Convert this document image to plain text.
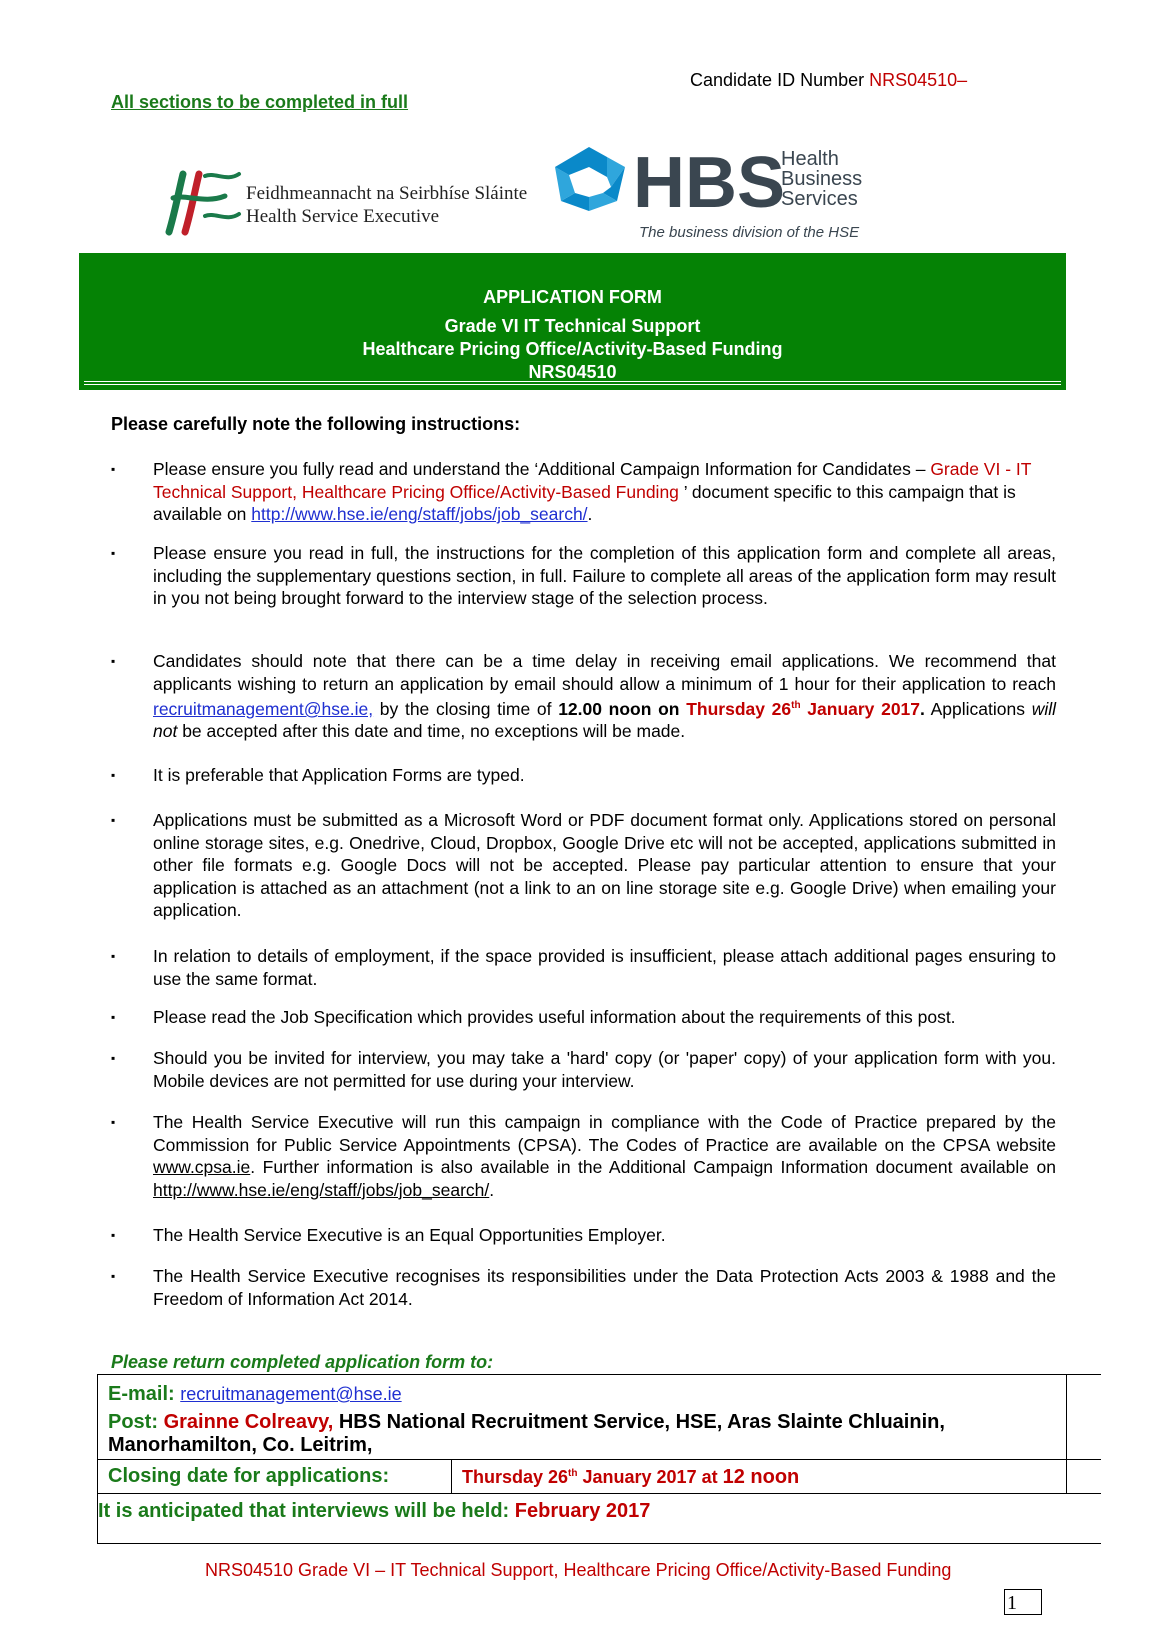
Candidate ID Number NRS04510–
All sections to be completed in full
Feidhmeannacht na Seirbhíse Sláinte
Health Service Executive	HBS
Health
Business
Services
The business division of the HSE
APPLICATION FORM
Grade VI IT Technical Support
Healthcare Pricing Office/Activity-Based Funding
NRS04510
Please carefully note the following instructions:
▪	Please ensure you fully read and understand the ‘Additional Campaign Information for Candidates – Grade VI - IT Technical Support, Healthcare Pricing Office/Activity-Based Funding ’ document specific to this campaign that is available on http://www.hse.ie/eng/staff/jobs/job_search/.
▪	Please ensure you read in full, the instructions for the completion of this application form and complete all areas, including the supplementary questions section, in full. Failure to complete all areas of the application form may result in you not being brought forward to the interview stage of the selection process.
▪	Candidates should note that there can be a time delay in receiving email applications. We recommend that applicants wishing to return an application by email should allow a minimum of 1 hour for their application to reach recruitmanagement@hse.ie, by the closing time of 12.00 noon on Thursday 26th January 2017. Applications will not be accepted after this date and time, no exceptions will be made.
▪	It is preferable that Application Forms are typed.
▪	Applications must be submitted as a Microsoft Word or PDF document format only. Applications stored on personal online storage sites, e.g. Onedrive, Cloud, Dropbox, Google Drive etc will not be accepted, applications submitted in other file formats e.g. Google Docs will not be accepted. Please pay particular attention to ensure that your application is attached as an attachment (not a link to an on line storage site e.g. Google Drive) when emailing your application.
▪	In relation to details of employment, if the space provided is insufficient, please attach additional pages ensuring to use the same format.
▪	Please read the Job Specification which provides useful information about the requirements of this post.
▪	Should you be invited for interview, you may take a 'hard' copy (or 'paper' copy) of your application form with you. Mobile devices are not permitted for use during your interview.
▪	The Health Service Executive will run this campaign in compliance with the Code of Practice prepared by the Commission for Public Service Appointments (CPSA). The Codes of Practice are available on the CPSA website www.cpsa.ie. Further information is also available in the Additional Campaign Information document available on http://www.hse.ie/eng/staff/jobs/job_search/.
▪	The Health Service Executive is an Equal Opportunities Employer.
▪	The Health Service Executive recognises its responsibilities under the Data Protection Acts 2003 & 1988 and the Freedom of Information Act 2014.
Please return completed application form to:
E-mail: recruitmanagement@hse.ie
Post: Grainne Colreavy, HBS National Recruitment Service, HSE, Aras Slainte Chluainin,
Manorhamilton, Co. Leitrim,
Closing date for applications:	Thursday 26th January 2017 at 12 noon
It is anticipated that interviews will be held: February 2017
NRS04510 Grade VI – IT Technical Support, Healthcare Pricing Office/Activity-Based Funding
1
